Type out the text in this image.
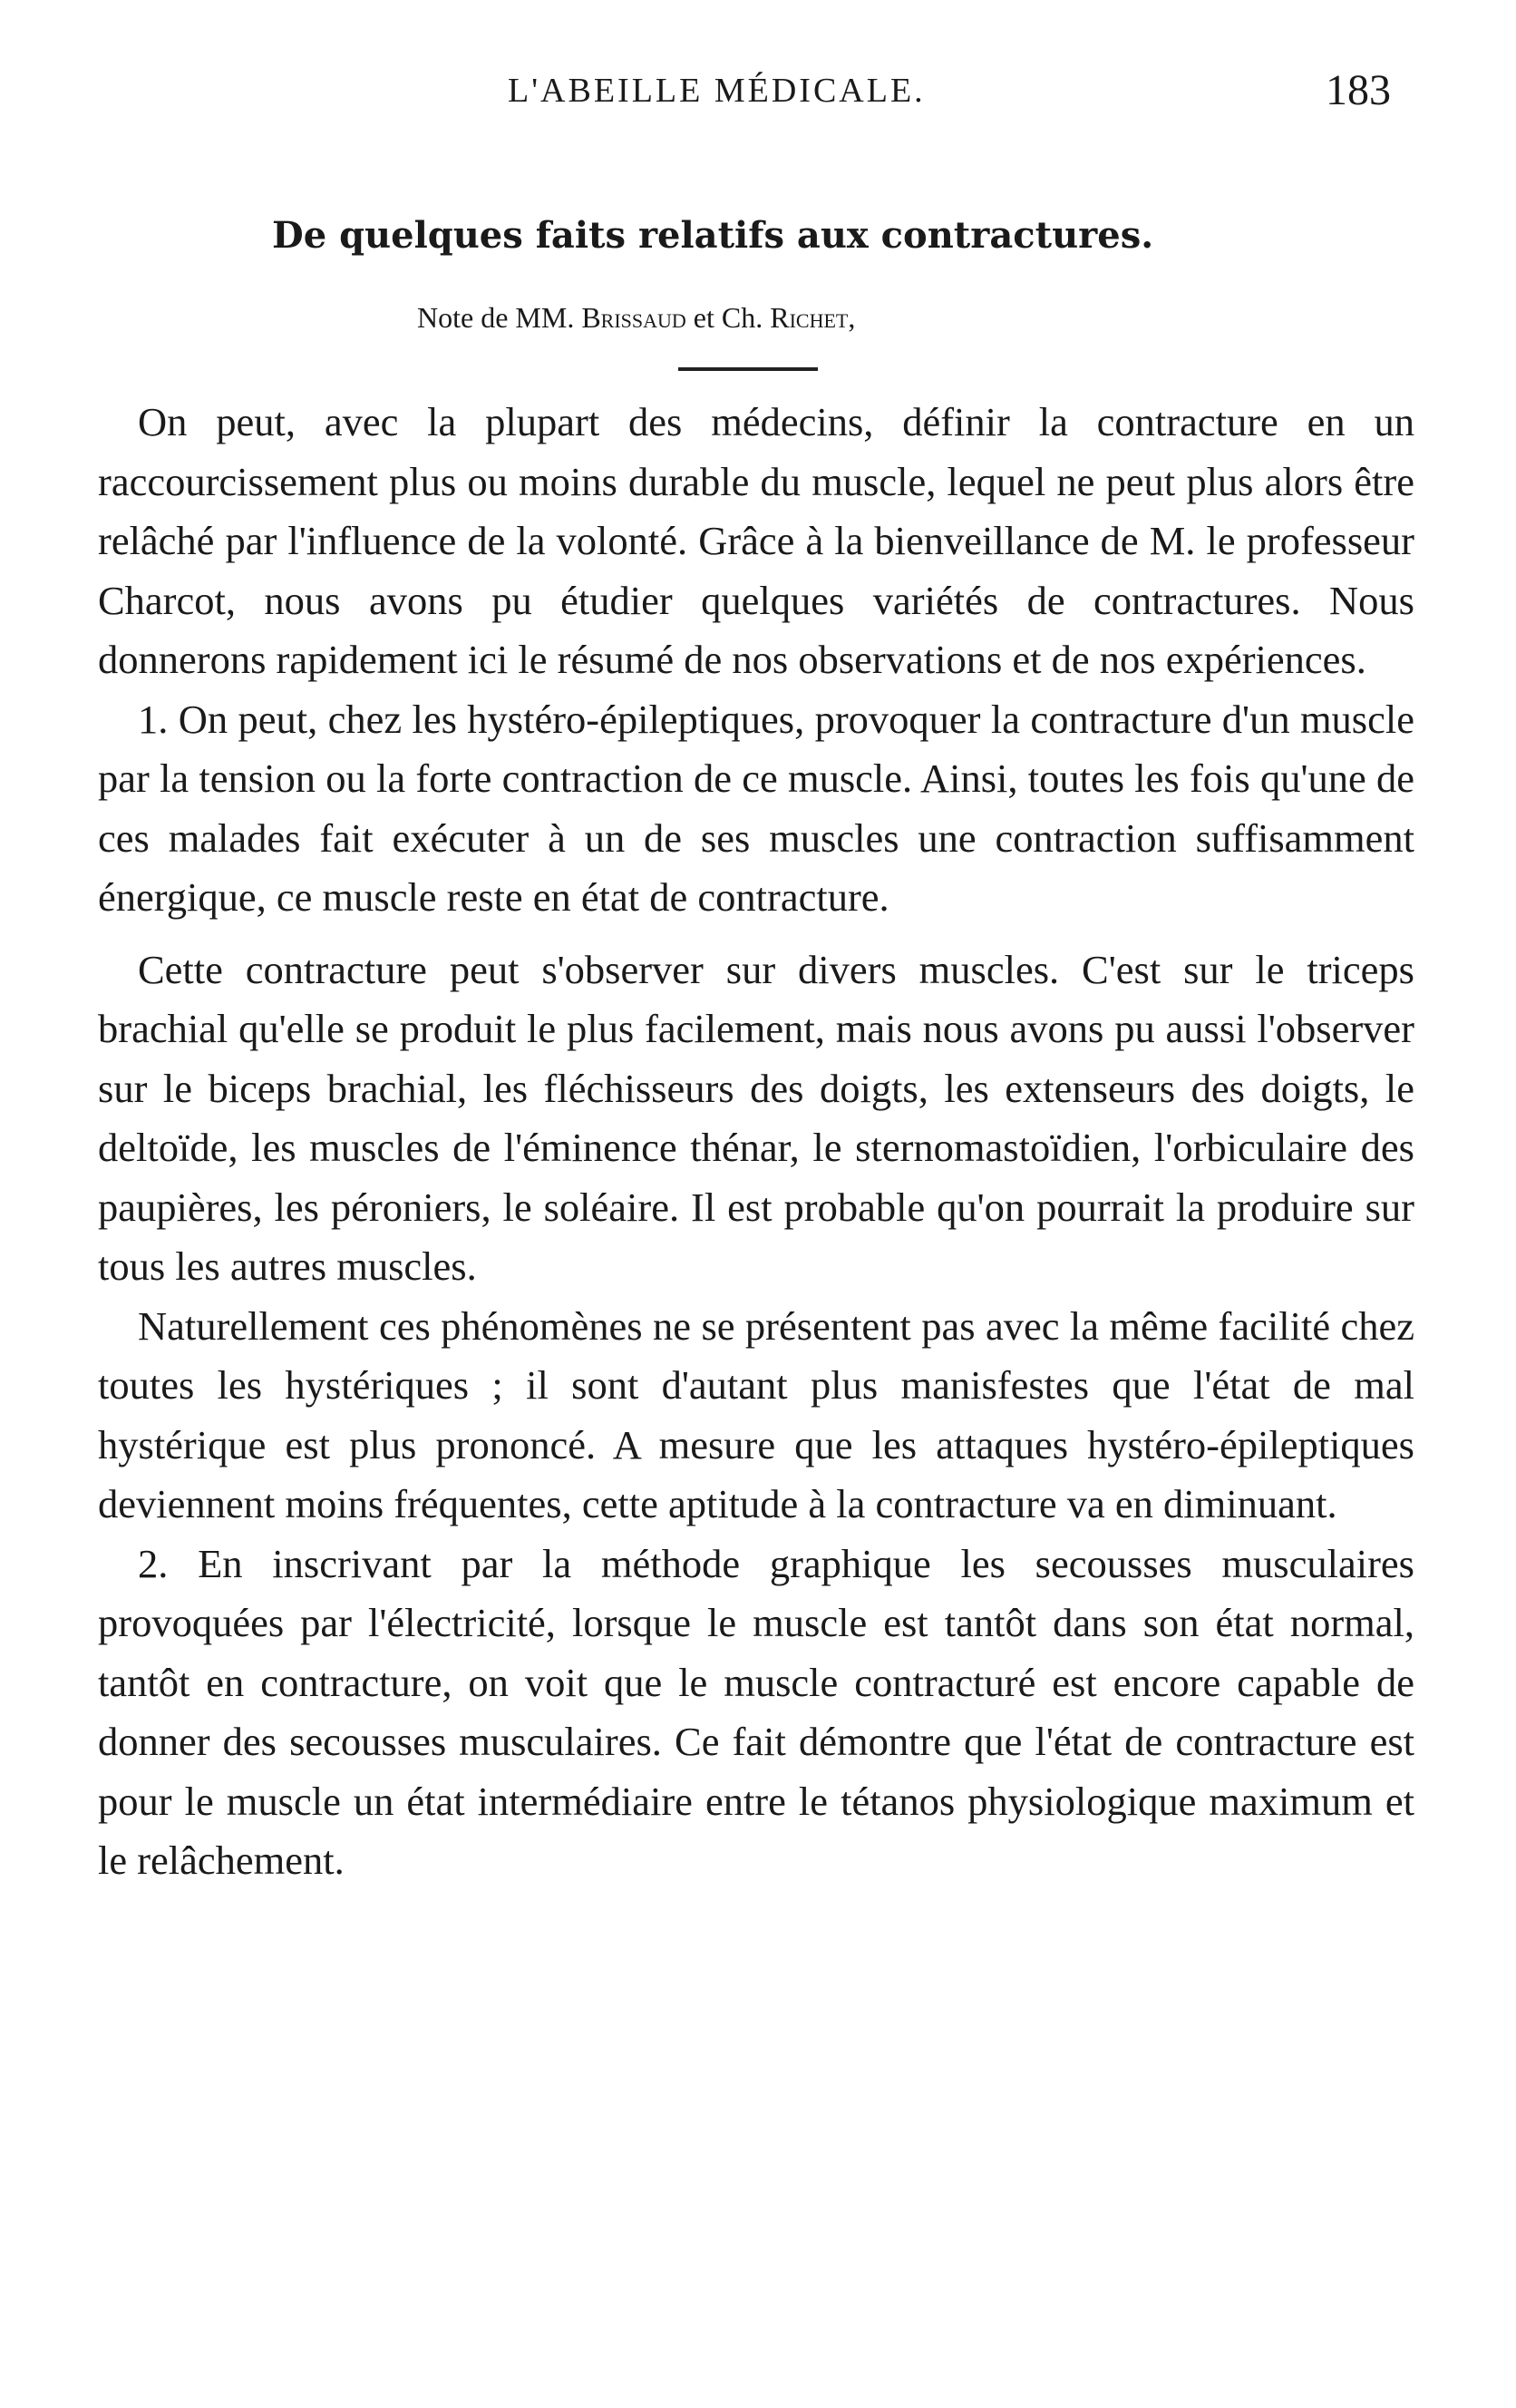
L'ABEILLE MÉDICALE.	183
De quelques faits relatifs aux contractures.
Note de MM. Brissaud et Ch. Richet,

On peut, avec la plupart des médecins, définir la contracture en un raccourcissement plus ou moins durable du muscle, lequel ne peut plus alors être relâché par l'influence de la volonté. Grâce à la bienveillance de M. le professeur Charcot, nous avons pu étudier quelques variétés de contractures. Nous donnerons rapidement ici le résumé de nos observations et de nos expériences.

1. On peut, chez les hystéro-épileptiques, provoquer la contracture d'un muscle par la tension ou la forte contraction de ce muscle. Ainsi, toutes les fois qu'une de ces malades fait exécuter à un de ses muscles une contraction suffisamment énergique, ce muscle reste en état de contracture.

Cette contracture peut s'observer sur divers muscles. C'est sur le triceps brachial qu'elle se produit le plus facilement, mais nous avons pu aussi l'observer sur le biceps brachial, les fléchisseurs des doigts, les extenseurs des doigts, le deltoïde, les muscles de l'éminence thénar, le sternomastoïdien, l'orbiculaire des paupières, les péroniers, le soléaire. Il est probable qu'on pourrait la produire sur tous les autres muscles.

Naturellement ces phénomènes ne se présentent pas avec la même facilité chez toutes les hystériques ; il sont d'autant plus manisfestes que l'état de mal hystérique est plus prononcé. A mesure que les attaques hystéro-épileptiques deviennent moins fréquentes, cette aptitude à la contracture va en diminuant.

2. En inscrivant par la méthode graphique les secousses musculaires provoquées par l'électricité, lorsque le muscle est tantôt dans son état normal, tantôt en contracture, on voit que le muscle contracturé est encore capable de donner des secousses musculaires. Ce fait démontre que l'état de contracture est pour le muscle un état intermédiaire entre le tétanos physiologique maximum et le relâchement.
